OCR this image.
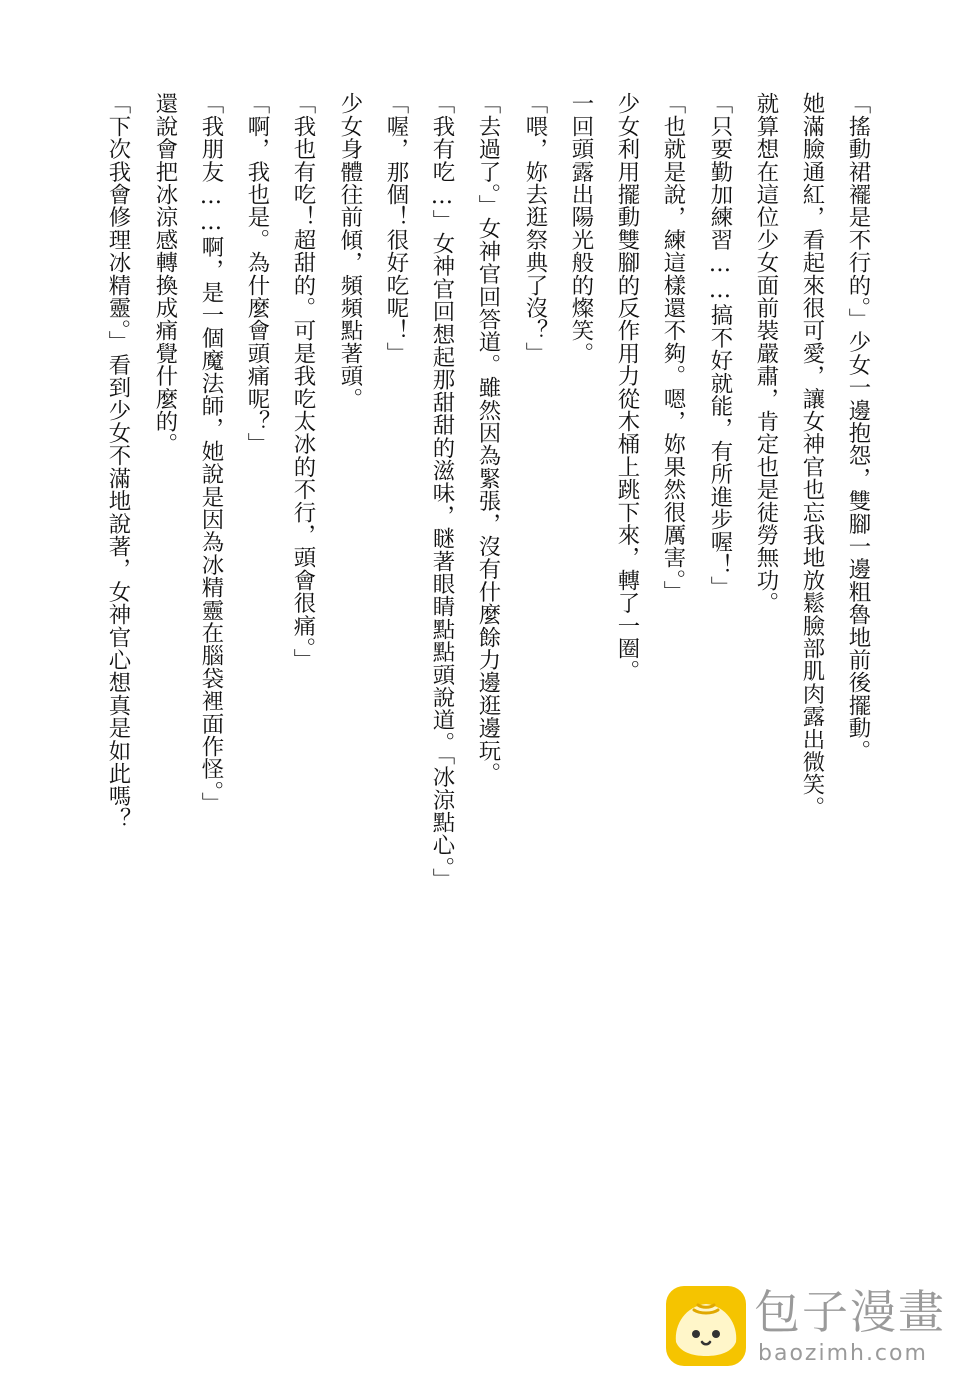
「搖動裙襬是不行的。」少女一邊抱怨，雙腳一邊粗魯地前後擺動。
她滿臉通紅，看起來很可愛，讓女神官也忘我地放鬆臉部肌肉露出微笑。
就算想在這位少女面前裝嚴肅，肯定也是徒勞無功。
「只要勤加練習……搞不好就能，有所進步喔！」
「也就是說，練這樣還不夠。嗯，妳果然很厲害。」
少女利用擺動雙腳的反作用力從木桶上跳下來，轉了一圈。
一回頭露出陽光般的燦笑。
「喂，妳去逛祭典了沒？」
「去過了。」女神官回答道。雖然因為緊張，沒有什麼餘力邊逛邊玩。
「我有吃…」女神官回想起那甜甜的滋味，瞇著眼睛點點頭說道。「冰涼點心。」
「喔，那個！很好吃呢！」
少女身體往前傾，頻頻點著頭。
「我也有吃！超甜的。可是我吃太冰的不行，頭會很痛。」
「啊，我也是。為什麼會頭痛呢？」
「我朋友……啊，是一個魔法師，她說是因為冰精靈在腦袋裡面作怪。」
還說會把冰涼感轉換成痛覺什麼的。
「下次我會修理冰精靈。」看到少女不滿地說著，女神官心想真是如此嗎？
包子漫畫
baozimh.com
